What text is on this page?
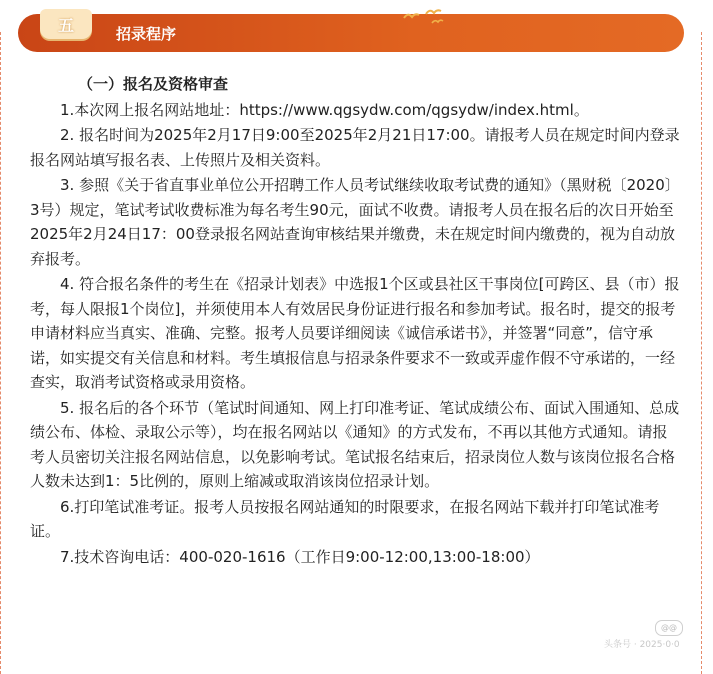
五	招录程序
（一）报名及资格审查

1.本次网上报名网站地址：https://www.qgsydw.com/qgsydw/index.html。

2. 报名时间为2025年2月17日9:00至2025年2月21日17:00。请报考人员在规定时间内登录报名网站填写报名表、上传照片及相关资料。

3. 参照《关于省直事业单位公开招聘工作人员考试继续收取考试费的通知》（黑财税〔2020〕3号）规定，笔试考试收费标准为每名考生90元，面试不收费。请报考人员在报名后的次日开始至2025年2月24日17：00登录报名网站查询审核结果并缴费，未在规定时间内缴费的，视为自动放弃报考。

4. 符合报名条件的考生在《招录计划表》中选报1个区或县社区干事岗位[可跨区、县（市）报考，每人限报1个岗位]，并须使用本人有效居民身份证进行报名和参加考试。报名时，提交的报考申请材料应当真实、准确、完整。报考人员要详细阅读《诚信承诺书》，并签署“同意”，信守承诺，如实提交有关信息和材料。考生填报信息与招录条件要求不一致或弄虚作假不守承诺的，一经查实，取消考试资格或录用资格。

5. 报名后的各个环节（笔试时间通知、网上打印准考证、笔试成绩公布、面试入围通知、总成绩公布、体检、录取公示等），均在报名网站以《通知》的方式发布，不再以其他方式通知。请报考人员密切关注报名网站信息，以免影响考试。笔试报名结束后，招录岗位人数与该岗位报名合格人数未达到1：5比例的，原则上缩减或取消该岗位招录计划。

6.打印笔试准考证。报考人员按报名网站通知的时限要求，在报名网站下载并打印笔试准考证。

7.技术咨询电话：400-020-1616（工作日9:00-12:00,13:00-18:00）

@@
头条号 · 2025·0·0
